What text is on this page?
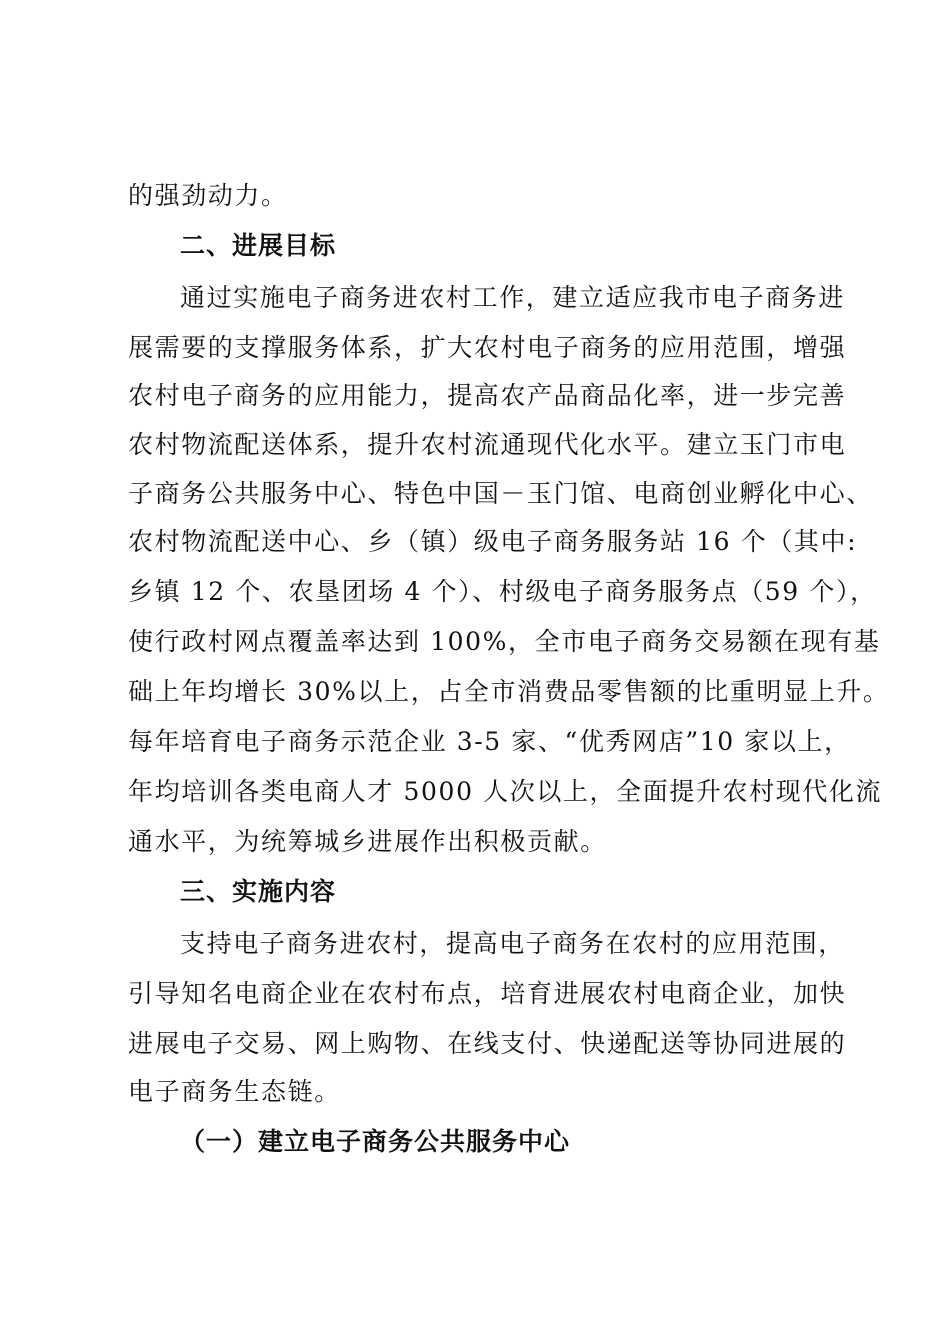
的强劲动力。
二、进展目标
通过实施电子商务进农村工作，建立适应我市电子商务进
展需要的支撑服务体系，扩大农村电子商务的应用范围，增强
农村电子商务的应用能力，提高农产品商品化率，进一步完善
农村物流配送体系，提升农村流通现代化水平。建立玉门市电
子商务公共服务中心、特色中国－玉门馆、电商创业孵化中心、
农村物流配送中心、乡（镇）级电子商务服务站 16 个（其中:
乡镇 12 个、农垦团场 4 个）、村级电子商务服务点（59 个），
使行政村网点覆盖率达到 100%，全市电子商务交易额在现有基
础上年均增长 30%以上，占全市消费品零售额的比重明显上升。
每年培育电子商务示范企业 3-5 家、“优秀网店”10 家以上，
年均培训各类电商人才 5000 人次以上，全面提升农村现代化流
通水平，为统筹城乡进展作出积极贡献。
三、实施内容
支持电子商务进农村，提高电子商务在农村的应用范围，
引导知名电商企业在农村布点，培育进展农村电商企业，加快
进展电子交易、网上购物、在线支付、快递配送等协同进展的
电子商务生态链。
（一）建立电子商务公共服务中心
